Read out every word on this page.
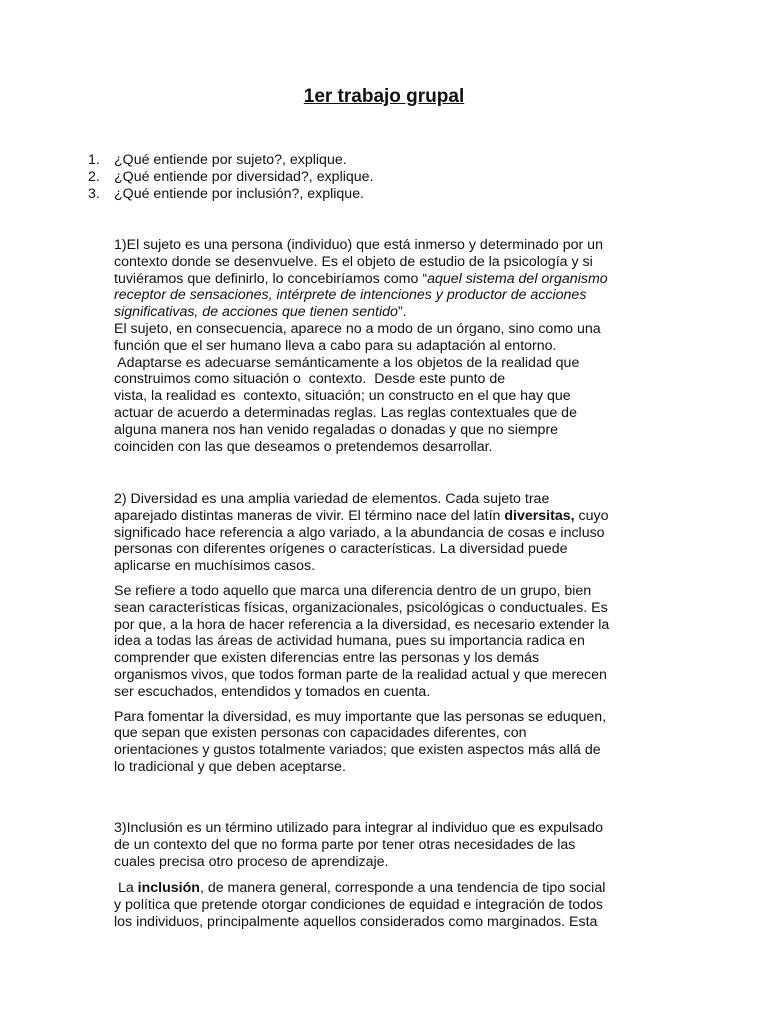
1er trabajo grupal
1. ¿Qué entiende por sujeto?, explique.
2. ¿Qué entiende por diversidad?, explique.
3. ¿Qué entiende por inclusión?, explique.

1)El sujeto es una persona (individuo) que está inmerso y determinado por un
contexto donde se desenvuelve. Es el objeto de estudio de la psicología y si
tuviéramos que definirlo, lo concebiríamos como “aquel sistema del organismo
receptor de sensaciones, intérprete de intenciones y productor de acciones
significativas, de acciones que tienen sentido”.
El sujeto, en consecuencia, aparece no a modo de un órgano, sino como una
función que el ser humano lleva a cabo para su adaptación al entorno.
Adaptarse es adecuarse semánticamente a los objetos de la realidad que
construimos como situación o  contexto.  Desde este punto de
vista, la realidad es  contexto, situación; un constructo en el que hay que
actuar de acuerdo a determinadas reglas. Las reglas contextuales que de
alguna manera nos han venido regaladas o donadas y que no siempre
coinciden con las que deseamos o pretendemos desarrollar.

2) Diversidad es una amplia variedad de elementos. Cada sujeto trae
aparejado distintas maneras de vivir. El término nace del latín diversitas, cuyo
significado hace referencia a algo variado, a la abundancia de cosas e incluso
personas con diferentes orígenes o características. La diversidad puede
aplicarse en muchísimos casos.

Se refiere a todo aquello que marca una diferencia dentro de un grupo, bien
sean características físicas, organizacionales, psicológicas o conductuales. Es
por que, a la hora de hacer referencia a la diversidad, es necesario extender la
idea a todas las áreas de actividad humana, pues su importancia radica en
comprender que existen diferencias entre las personas y los demás
organismos vivos, que todos forman parte de la realidad actual y que merecen
ser escuchados, entendidos y tomados en cuenta.

Para fomentar la diversidad, es muy importante que las personas se eduquen,
que sepan que existen personas con capacidades diferentes, con
orientaciones y gustos totalmente variados; que existen aspectos más allá de
lo tradicional y que deben aceptarse.

3)Inclusión es un término utilizado para integrar al individuo que es expulsado
de un contexto del que no forma parte por tener otras necesidades de las
cuales precisa otro proceso de aprendizaje.

La inclusión, de manera general, corresponde a una tendencia de tipo social
y política que pretende otorgar condiciones de equidad e integración de todos
los individuos, principalmente aquellos considerados como marginados. Esta
